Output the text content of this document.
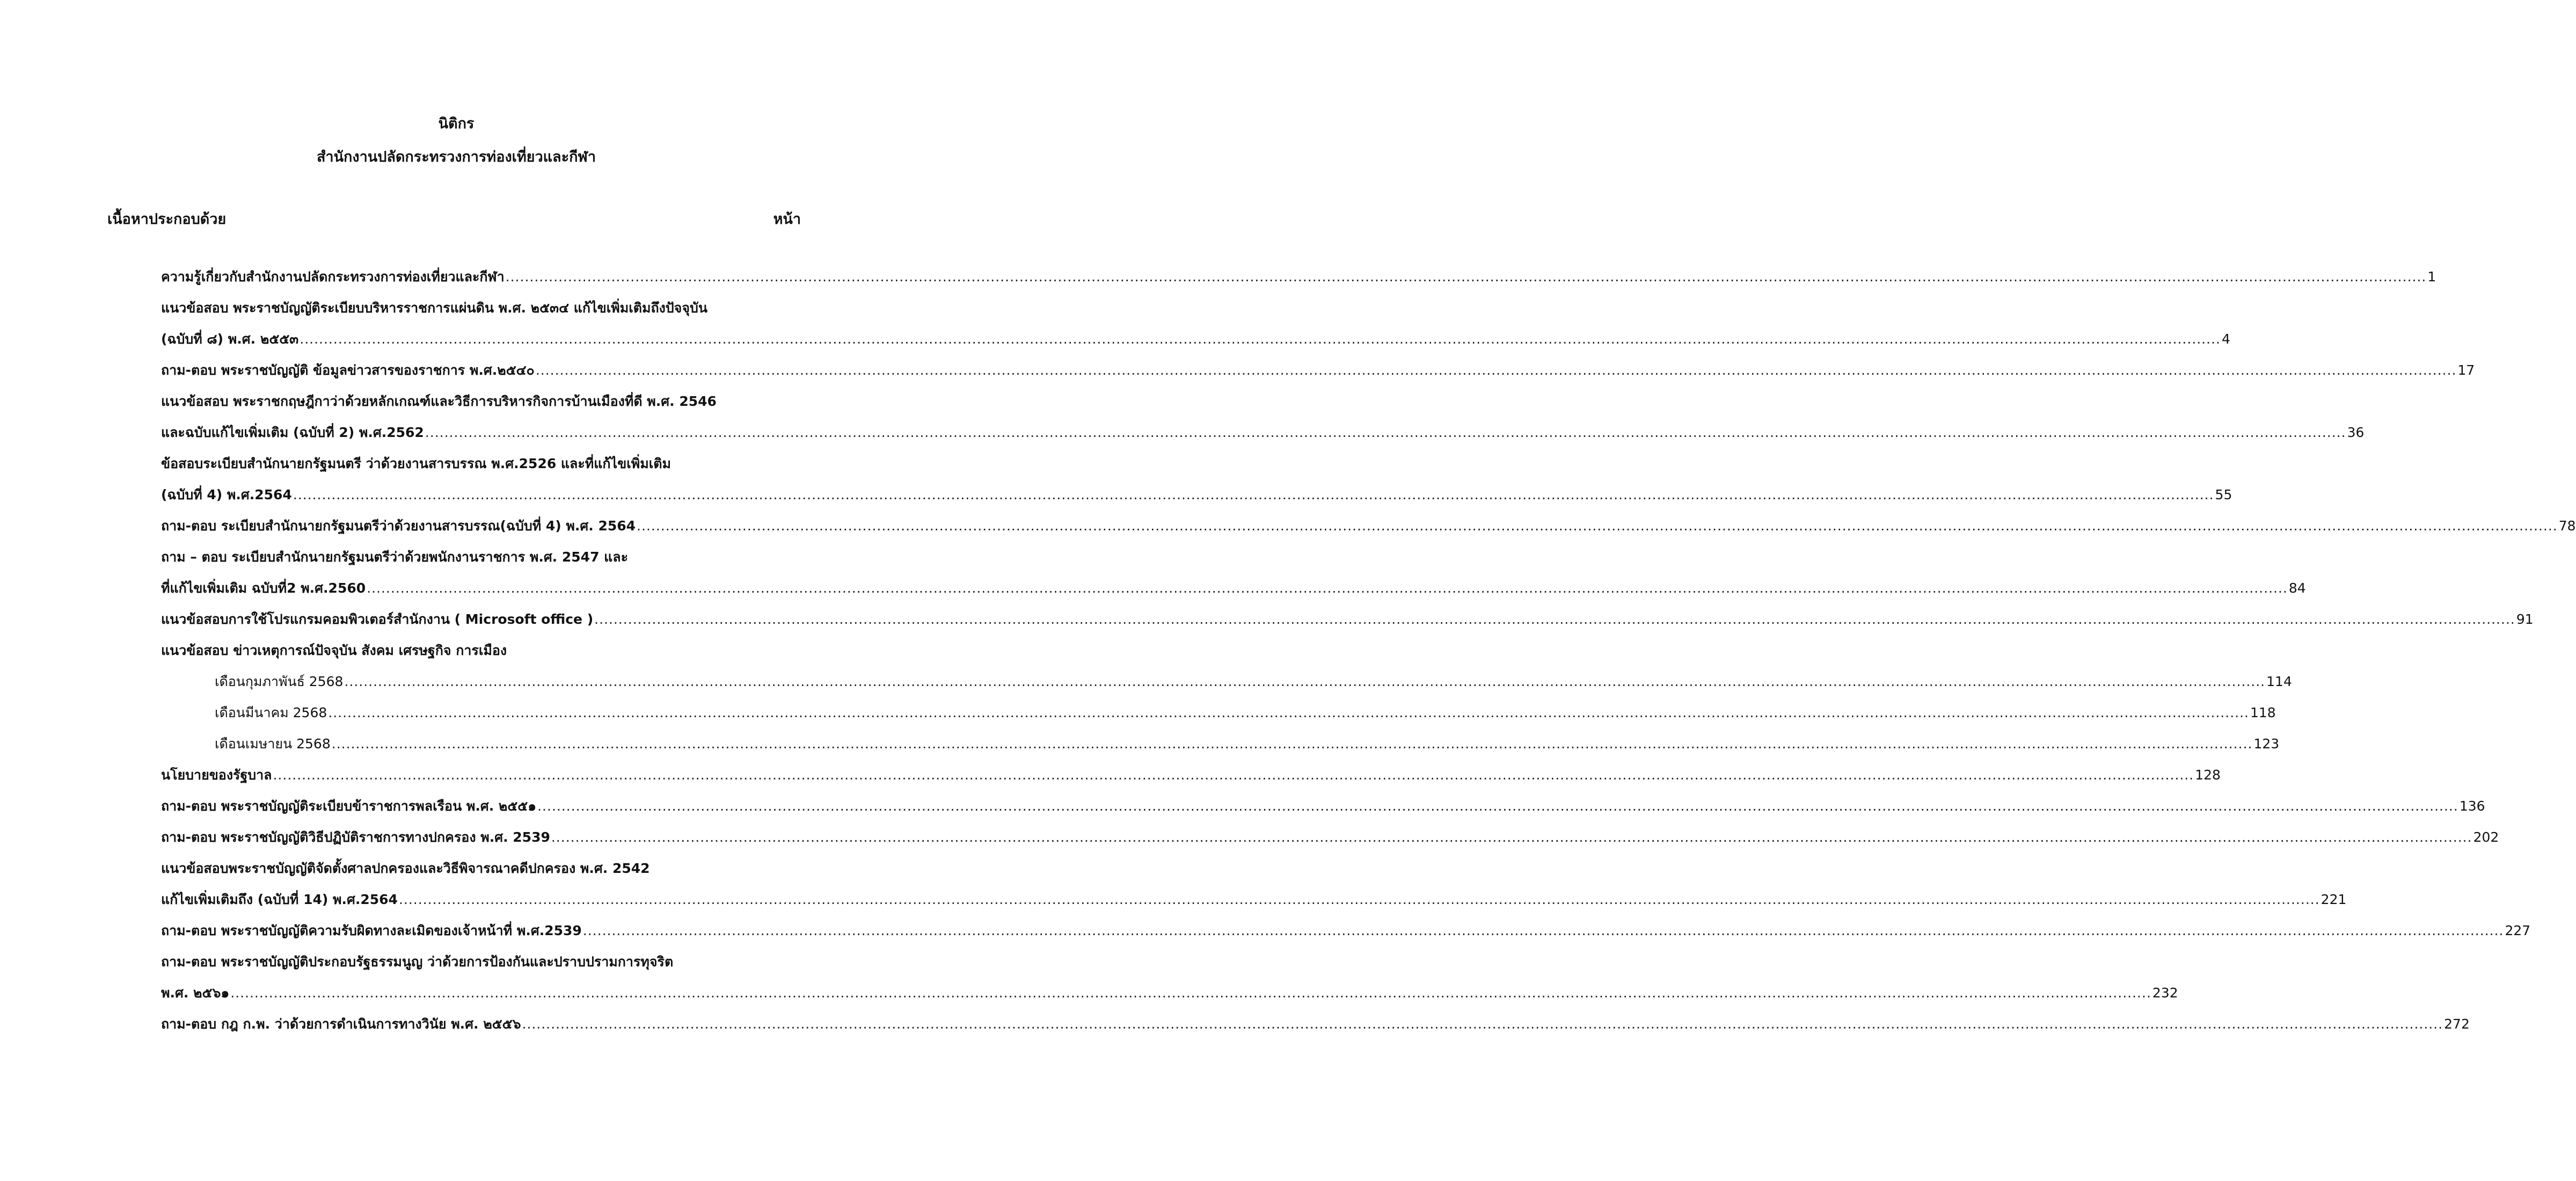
นิติกร
สำนักงานปลัดกระทรวงการท่องเที่ยวและกีฬา
เนื้อหาประกอบด้วย	หน้า
ความรู้เกี่ยวกับสำนักงานปลัดกระทรวงการท่องเที่ยวและกีฬา ................................................................................................................................................................................................................................................................................................................................................................................................................ 1
แนวข้อสอบ พระราชบัญญัติระเบียบบริหารราชการแผ่นดิน พ.ศ. ๒๕๓๔ แก้ไขเพิ่มเติมถึงปัจจุบัน
(ฉบับที่ ๘) พ.ศ. ๒๕๕๓ ................................................................................................................................................................................................................................................................................................................................................................................................................ 4
ถาม-ตอบ พระราชบัญญัติ ข้อมูลข่าวสารของราชการ พ.ศ.๒๕๔๐ ................................................................................................................................................................................................................................................................................................................................................................................................................ 17
แนวข้อสอบ พระราชกฤษฎีกาว่าด้วยหลักเกณฑ์และวิธีการบริหารกิจการบ้านเมืองที่ดี พ.ศ. 2546
และฉบับแก้ไขเพิ่มเติม (ฉบับที่ 2) พ.ศ.2562 ................................................................................................................................................................................................................................................................................................................................................................................................................ 36
ข้อสอบระเบียบสำนักนายกรัฐมนตรี ว่าด้วยงานสารบรรณ พ.ศ.2526 และที่แก้ไขเพิ่มเติม
(ฉบับที่ 4) พ.ศ.2564 ................................................................................................................................................................................................................................................................................................................................................................................................................ 55
ถาม-ตอบ ระเบียบสำนักนายกรัฐมนตรีว่าด้วยงานสารบรรณ(ฉบับที่ 4) พ.ศ. 2564 ................................................................................................................................................................................................................................................................................................................................................................................................................ 78
ถาม – ตอบ ระเบียบสำนักนายกรัฐมนตรีว่าด้วยพนักงานราชการ พ.ศ. 2547 และ
ที่แก้ไขเพิ่มเติม ฉบับที่2 พ.ศ.2560 ................................................................................................................................................................................................................................................................................................................................................................................................................ 84
แนวข้อสอบการใช้โปรแกรมคอมพิวเตอร์สำนักงาน ( Microsoft office ) ................................................................................................................................................................................................................................................................................................................................................................................................................ 91
แนวข้อสอบ ข่าวเหตุการณ์ปัจจุบัน สังคม เศรษฐกิจ การเมือง
เดือนกุมภาพันธ์ 2568 ................................................................................................................................................................................................................................................................................................................................................................................................................ 114
เดือนมีนาคม 2568 ................................................................................................................................................................................................................................................................................................................................................................................................................ 118
เดือนเมษายน 2568 ................................................................................................................................................................................................................................................................................................................................................................................................................ 123
นโยบายของรัฐบาล ................................................................................................................................................................................................................................................................................................................................................................................................................ 128
ถาม-ตอบ พระราชบัญญัติระเบียบข้าราชการพลเรือน พ.ศ. ๒๕๕๑ ................................................................................................................................................................................................................................................................................................................................................................................................................ 136
ถาม-ตอบ พระราชบัญญัติวิธีปฏิบัติราชการทางปกครอง พ.ศ. 2539 ................................................................................................................................................................................................................................................................................................................................................................................................................ 202
แนวข้อสอบพระราชบัญญัติจัดตั้งศาลปกครองและวิธีพิจารณาคดีปกครอง พ.ศ. 2542
แก้ไขเพิ่มเติมถึง (ฉบับที่ 14) พ.ศ.2564 ................................................................................................................................................................................................................................................................................................................................................................................................................ 221
ถาม-ตอบ พระราชบัญญัติความรับผิดทางละเมิดของเจ้าหน้าที่ พ.ศ.2539 ................................................................................................................................................................................................................................................................................................................................................................................................................ 227
ถาม-ตอบ พระราชบัญญัติประกอบรัฐธรรมนูญ ว่าด้วยการป้องกันและปราบปรามการทุจริต
พ.ศ. ๒๕๖๑ ................................................................................................................................................................................................................................................................................................................................................................................................................ 232
ถาม-ตอบ กฎ ก.พ. ว่าด้วยการดำเนินการทางวินัย พ.ศ. ๒๕๕๖ ................................................................................................................................................................................................................................................................................................................................................................................................................ 272
